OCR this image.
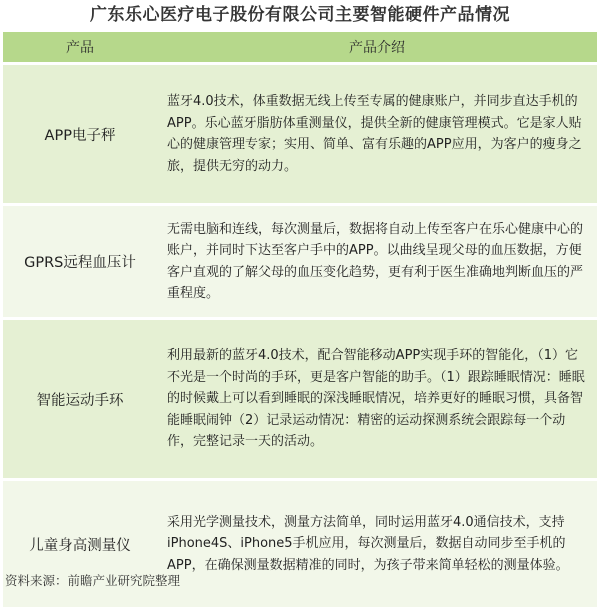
广东乐心医疗电子股份有限公司主要智能硬件产品情况
产品	产品介绍
APP电子秤	蓝牙4.0技术，体重数据无线上传至专属的健康账户，并同步直达手机的APP。乐心蓝牙脂肪体重测量仪，提供全新的健康管理模式。它是家人贴心的健康管理专家；实用、简单、富有乐趣的APP应用，为客户的瘦身之旅，提供无穷的动力。
GPRS远程血压计	无需电脑和连线，每次测量后，数据将自动上传至客户在乐心健康中心的账户，并同时下达至客户手中的APP。以曲线呈现父母的血压数据，方便客户直观的了解父母的血压变化趋势，更有利于医生准确地判断血压的严重程度。
智能运动手环	利用最新的蓝牙4.0技术，配合智能移动APP实现手环的智能化，（1）它不光是一个时尚的手环，更是客户智能的助手。（1）跟踪睡眠情况：睡眠的时候戴上可以看到睡眠的深浅睡眠情况，培养更好的睡眠习惯，具备智能睡眠闹钟（2）记录运动情况：精密的运动探测系统会跟踪每一个动作，完整记录一天的活动。
儿童身高测量仪	采用光学测量技术，测量方法简单，同时运用蓝牙4.0通信技术，支持iPhone4S、iPhone5手机应用，每次测量后，数据自动同步至手机的APP，在确保测量数据精准的同时，为孩子带来简单轻松的测量体验。
资料来源：前瞻产业研究院整理
